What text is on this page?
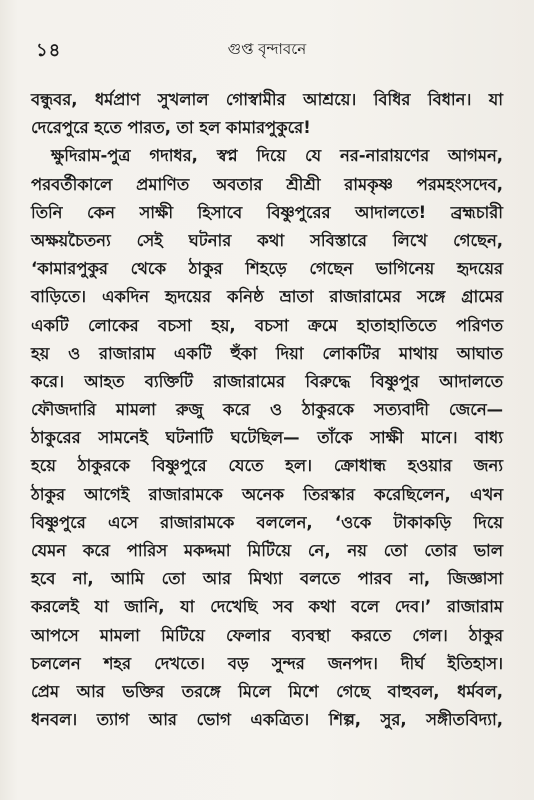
১৪	গুপ্ত বৃন্দাবনে
বন্ধুবর, ধর্মপ্রাণ সুখলাল গোস্বামীর আশ্রয়ে। বিধির বিধান। যা
দেরেপুরে হতে পারত, তা হল কামারপুকুরে!
ক্ষুদিরাম-পুত্র গদাধর, স্বপ্ন দিয়ে যে নর-নারায়ণের আগমন,
পরবর্তীকালে প্রমাণিত অবতার শ্রীশ্রী রামকৃষ্ণ পরমহংসদেব,
তিনি কেন সাক্ষী হিসাবে বিষ্ণুপুরের আদালতে! ব্রহ্মচারী
অক্ষয়চৈতন্য সেই ঘটনার কথা সবিস্তারে লিখে গেছেন,
‘কামারপুকুর থেকে ঠাকুর শিহড়ে গেছেন ভাগিনেয় হৃদয়ের
বাড়িতে। একদিন হৃদয়ের কনিষ্ঠ ভ্রাতা রাজারামের সঙ্গে গ্রামের
একটি লোকের বচসা হয়, বচসা ক্রমে হাতাহাতিতে পরিণত
হয় ও রাজারাম একটি হুঁকা দিয়া লোকটির মাথায় আঘাত
করে। আহত ব্যক্তিটি রাজারামের বিরুদ্ধে বিষ্ণুপুর আদালতে
ফৌজদারি মামলা রুজু করে ও ঠাকুরকে সত্যবাদী জেনে—
ঠাকুরের সামনেই ঘটনাটি ঘটেছিল— তাঁকে সাক্ষী মানে। বাধ্য
হয়ে ঠাকুরকে বিষ্ণুপুরে যেতে হল। ক্রোধান্ধ হওয়ার জন্য
ঠাকুর আগেই রাজারামকে অনেক তিরস্কার করেছিলেন, এখন
বিষ্ণুপুরে এসে রাজারামকে বললেন, ‘ওকে টাকাকড়ি দিয়ে
যেমন করে পারিস মকদ্দমা মিটিয়ে নে, নয় তো তোর ভাল
হবে না, আমি তো আর মিথ্যা বলতে পারব না, জিজ্ঞাসা
করলেই যা জানি, যা দেখেছি সব কথা বলে দেব।’ রাজারাম
আপসে মামলা মিটিয়ে ফেলার ব্যবস্থা করতে গেল। ঠাকুর
চললেন শহর দেখতে। বড় সুন্দর জনপদ। দীর্ঘ ইতিহাস।
প্রেম আর ভক্তির তরঙ্গে মিলে মিশে গেছে বাহুবল, ধর্মবল,
ধনবল। ত্যাগ আর ভোগ একত্রিত। শিল্প, সুর, সঙ্গীতবিদ্যা,
